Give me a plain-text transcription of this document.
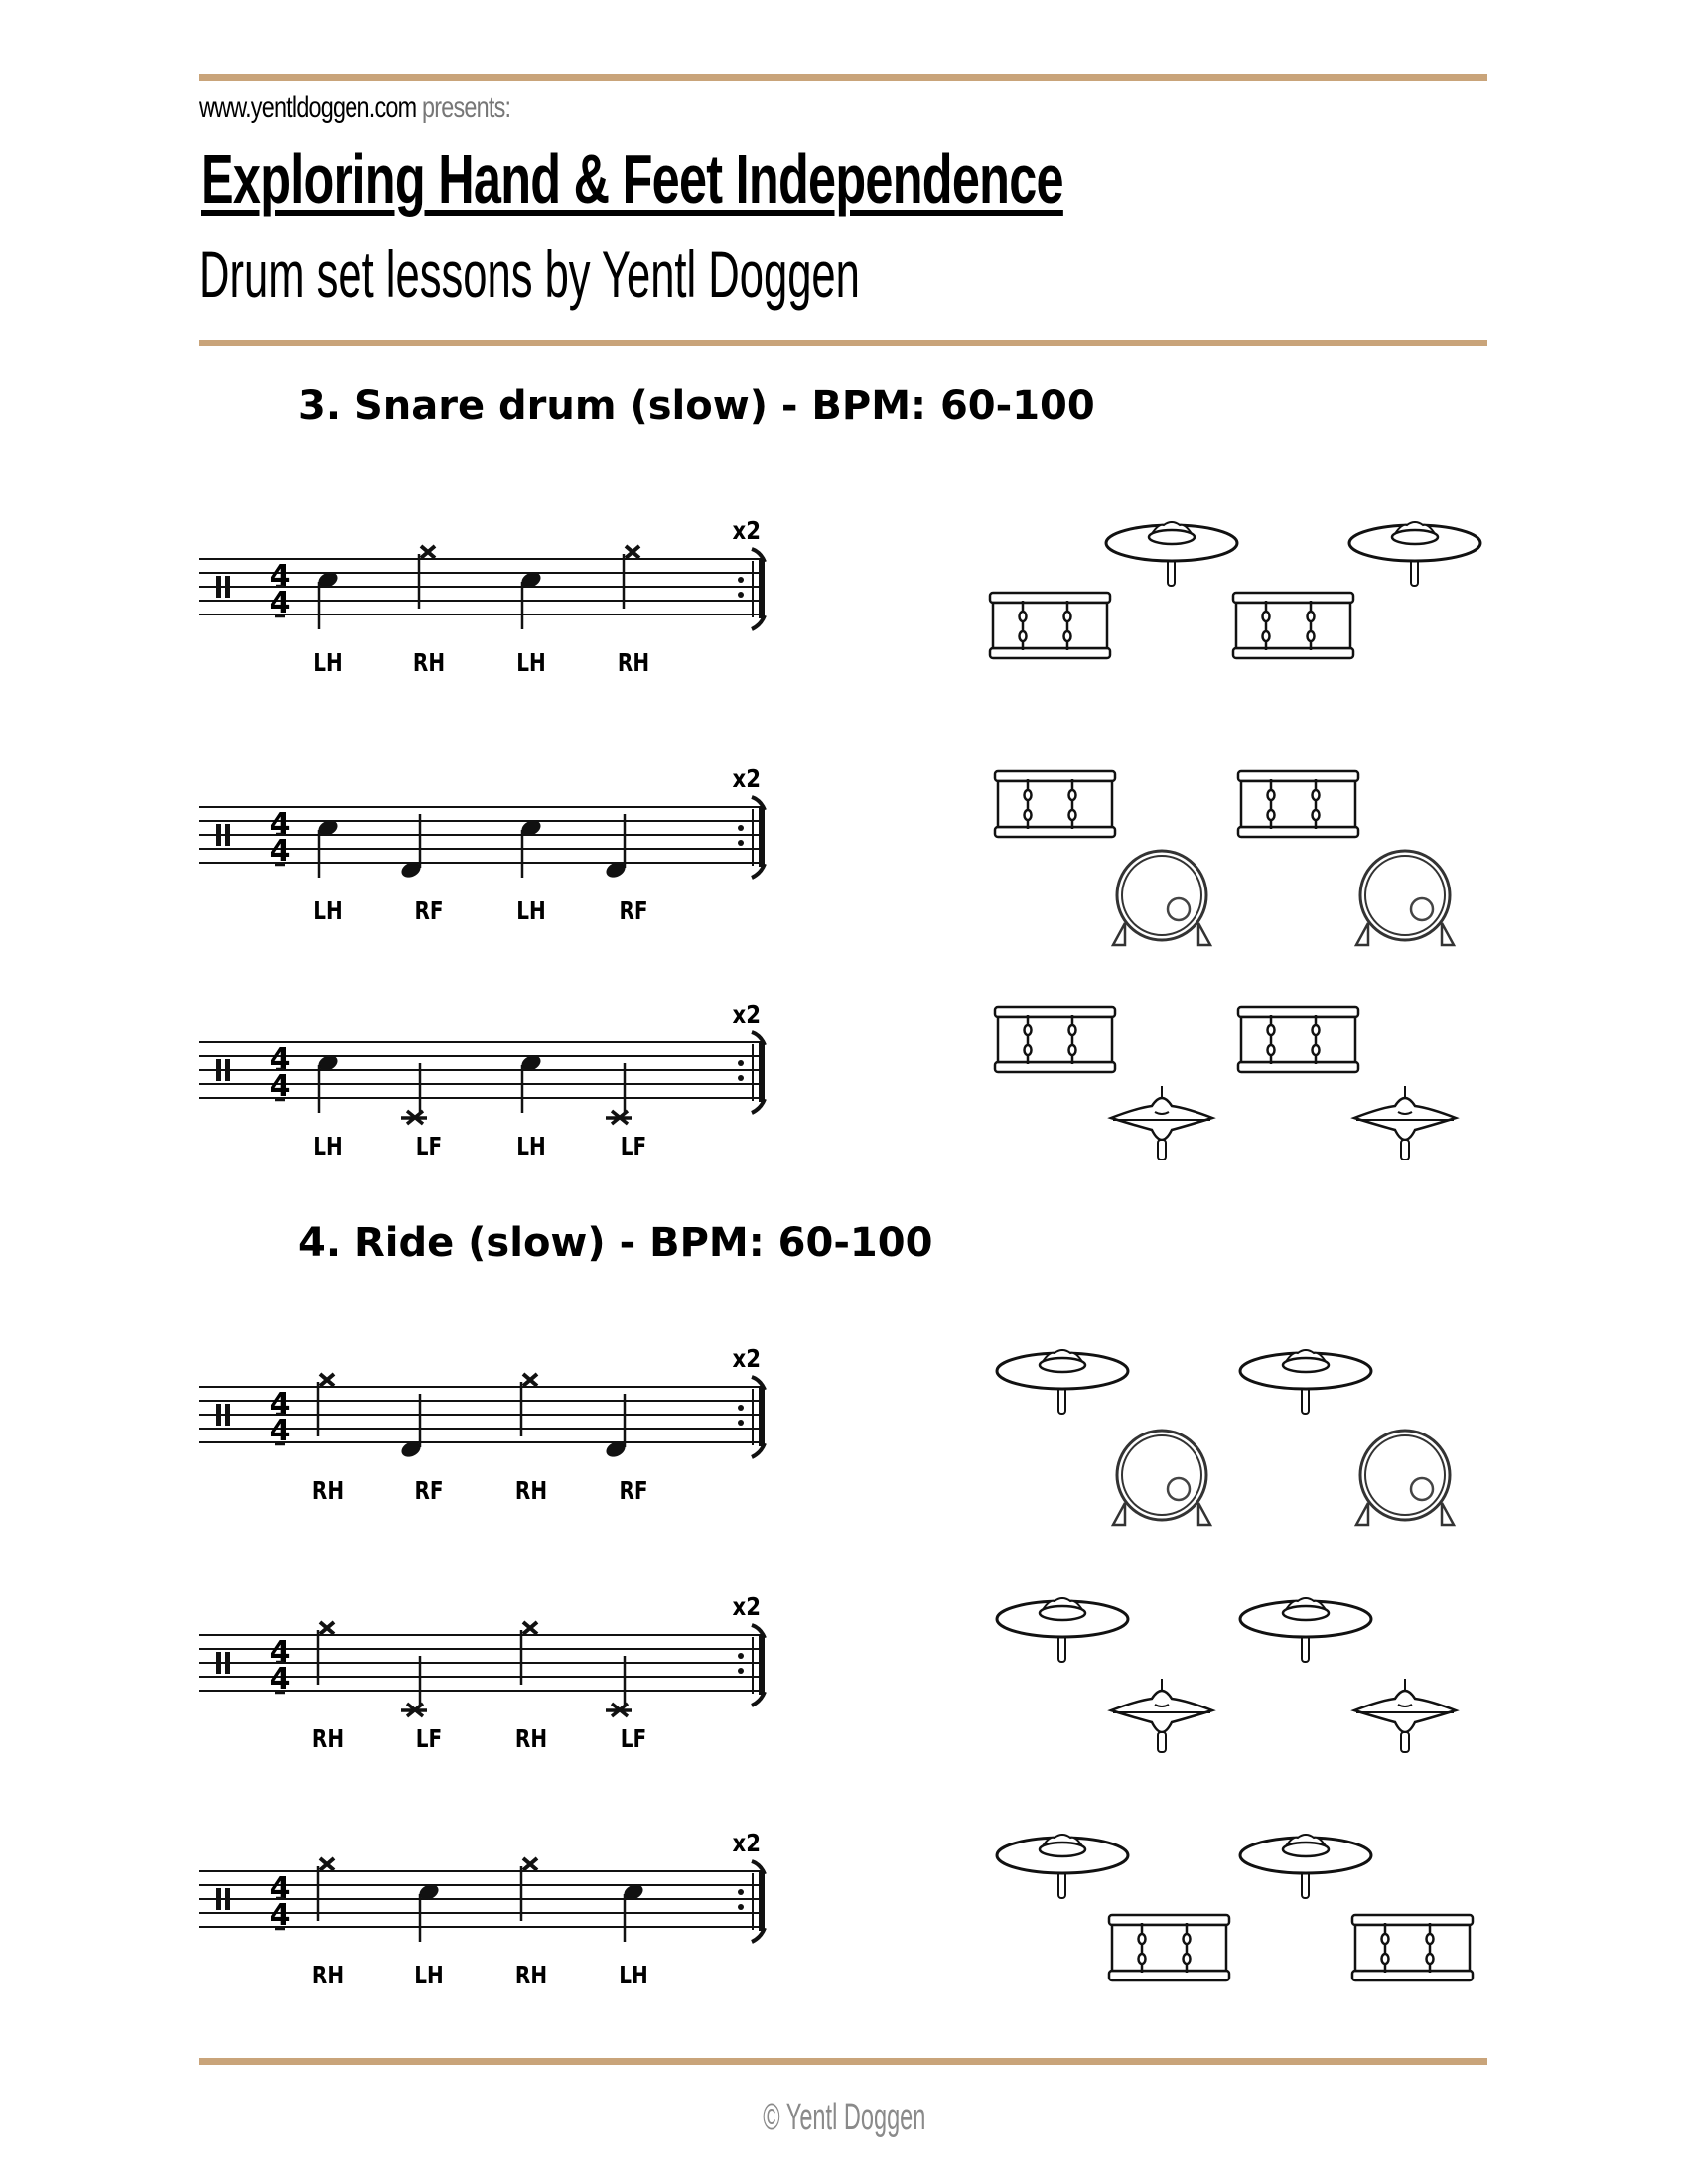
www.yentldoggen.com presents:
Exploring Hand & Feet Independence
Drum set lessons by Yentl Doggen
3. Snare drum (slow) - BPM: 60-100
4. Ride (slow) - BPM: 60-100
4
4
x2
LH	RH	LH	RH
4
4
x2
LH	RF	LH	RF
4
4
x2
LH	LF	LH	LF
4
4
x2
RH	RF	RH	RF
4
4
x2
RH	LF	RH	LF
4
4
x2
RH	LH	RH	LH
© Yentl Doggen
